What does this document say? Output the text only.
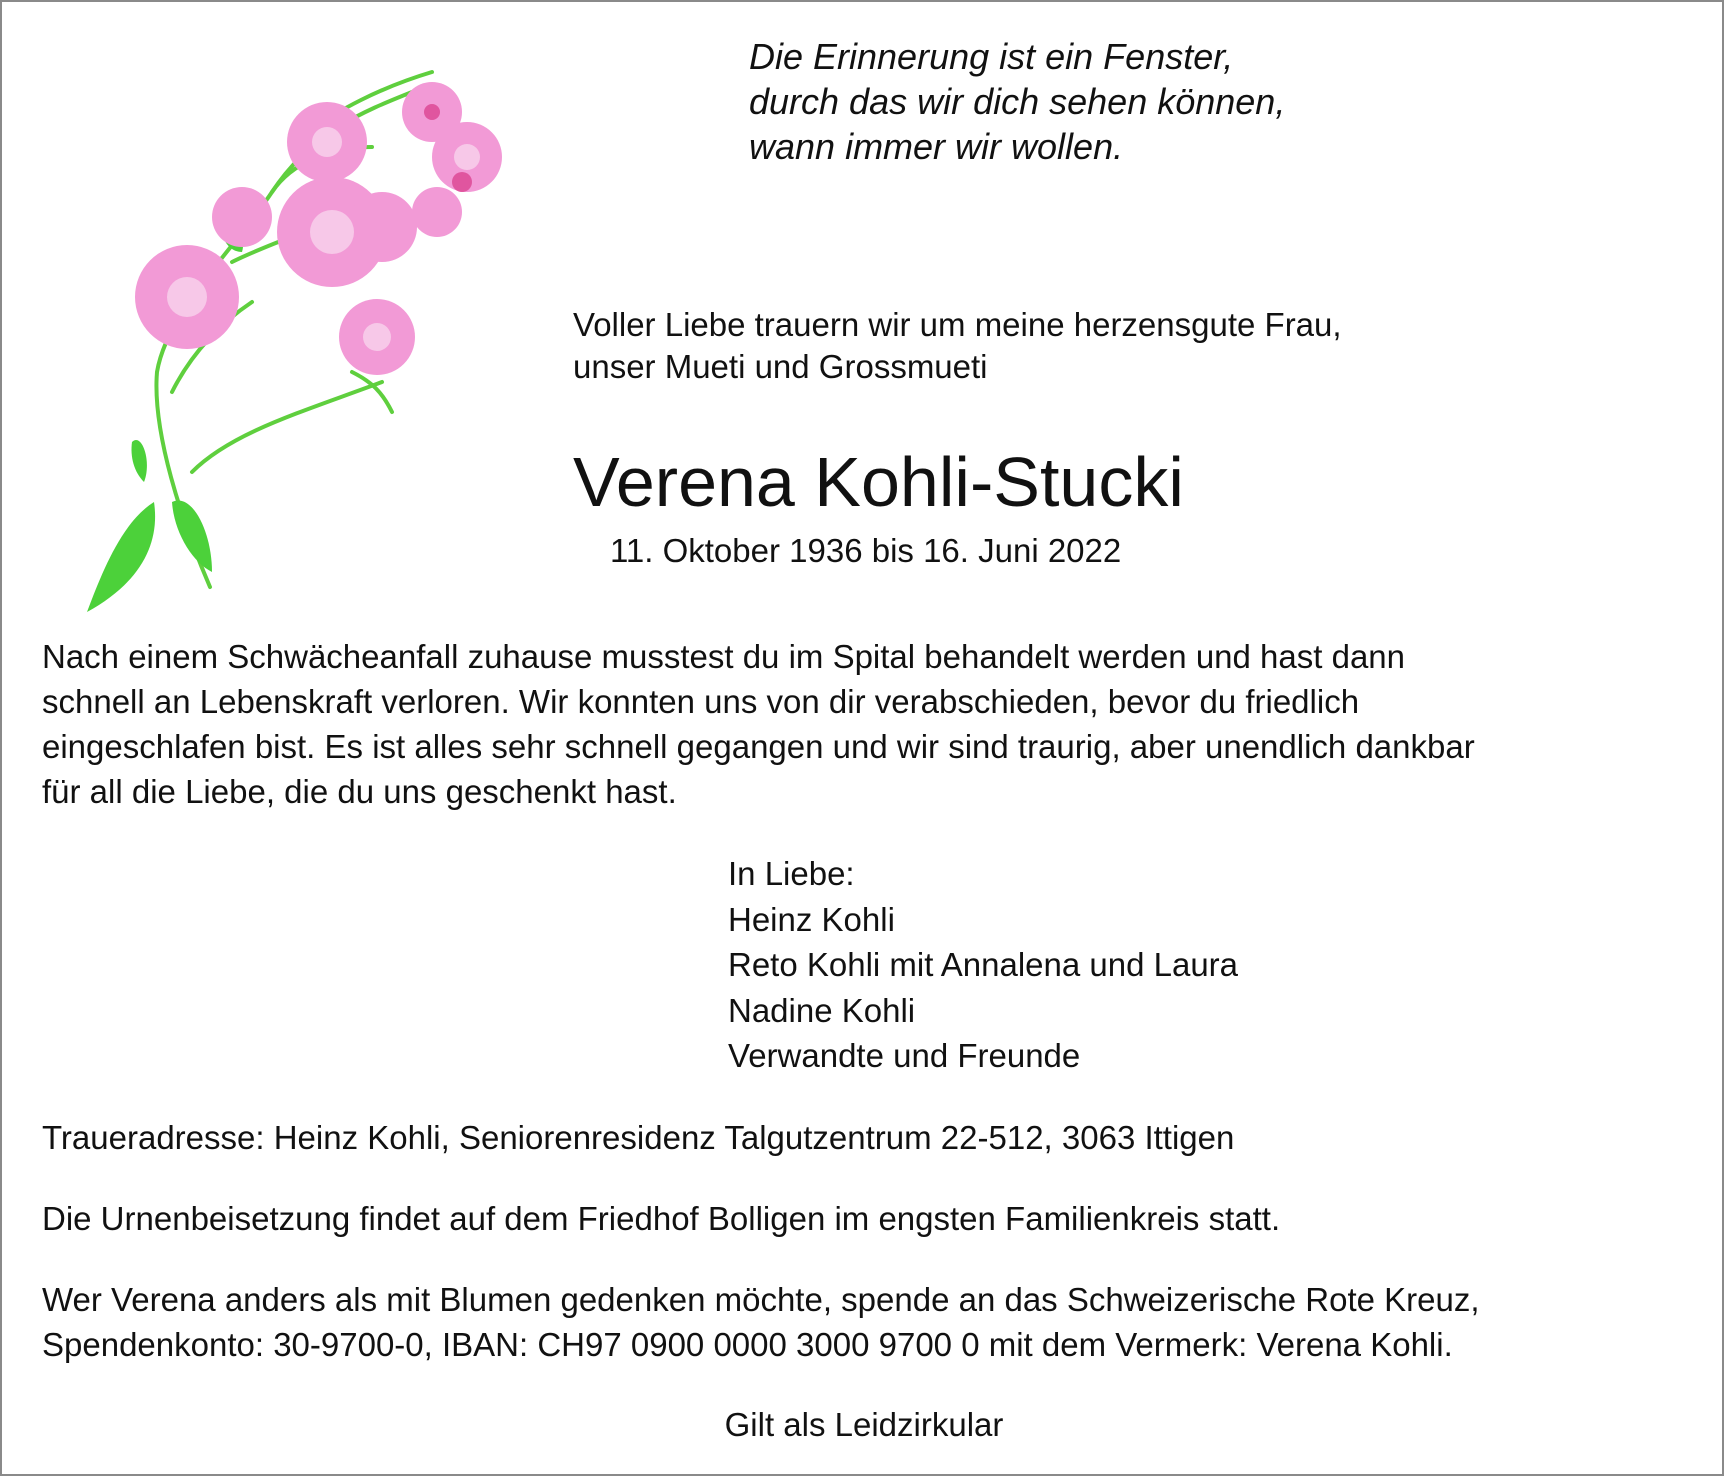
Die Erinnerung ist ein Fenster,
durch das wir dich sehen können,
wann immer wir wollen.
Voller Liebe trauern wir um meine herzensgute Frau,
unser Mueti und Grossmueti
Verena Kohli-Stucki
11. Oktober 1936 bis 16. Juni 2022
Nach einem Schwächeanfall zuhause musstest du im Spital behandelt werden und hast dann
schnell an Lebenskraft verloren. Wir konnten uns von dir verabschieden, bevor du friedlich
eingeschlafen bist. Es ist alles sehr schnell gegangen und wir sind traurig, aber unendlich dankbar
für all die Liebe, die du uns geschenkt hast.
In Liebe:
Heinz Kohli
Reto Kohli mit Annalena und Laura
Nadine Kohli
Verwandte und Freunde
Traueradresse: Heinz Kohli, Seniorenresidenz Talgutzentrum 22-512, 3063 Ittigen
Die Urnenbeisetzung findet auf dem Friedhof Bolligen im engsten Familienkreis statt.
Wer Verena anders als mit Blumen gedenken möchte, spende an das Schweizerische Rote Kreuz,
Spendenkonto: 30-9700-0, IBAN: CH97 0900 0000 3000 9700 0 mit dem Vermerk: Verena Kohli.
Gilt als Leidzirkular
